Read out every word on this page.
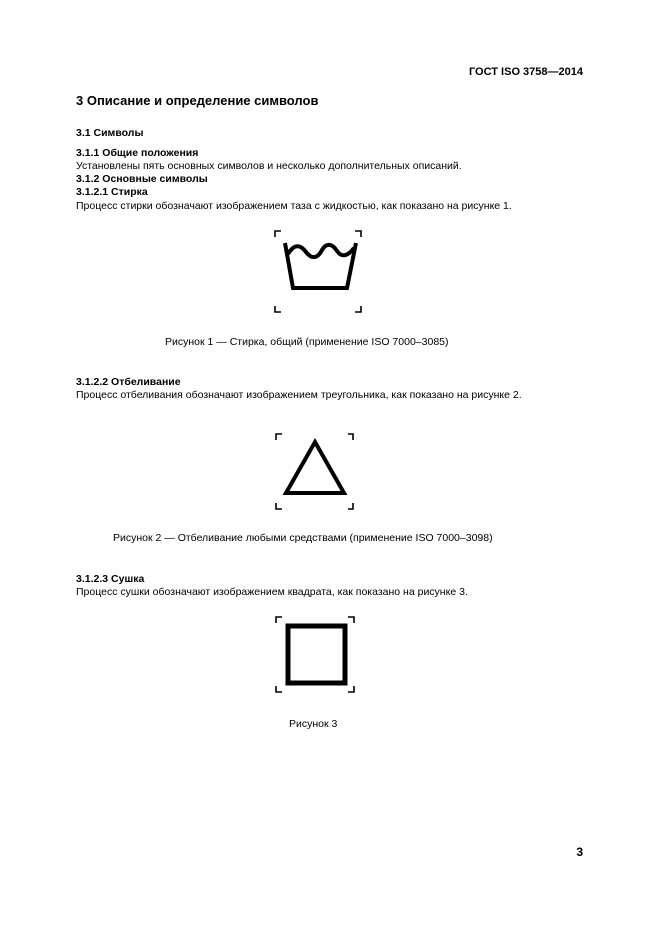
ГОСТ ISO 3758—2014
3 Описание и определение символов
3.1 Символы
3.1.1 Общие положения
Установлены пять основных символов и несколько дополнительных описаний.
3.1.2 Основные символы
3.1.2.1 Стирка
Процесс стирки обозначают изображением таза с жидкостью, как показано на рисунке 1.
Рисунок 1 — Стирка, общий (применение ISO 7000–3085)
3.1.2.2 Отбеливание
Процесс отбеливания обозначают изображением треугольника, как показано на рисунке 2.
Рисунок 2 — Отбеливание любыми средствами (применение ISO 7000–3098)
3.1.2.3 Сушка
Процесс сушки обозначают изображением квадрата, как показано на рисунке 3.
Рисунок 3
3
